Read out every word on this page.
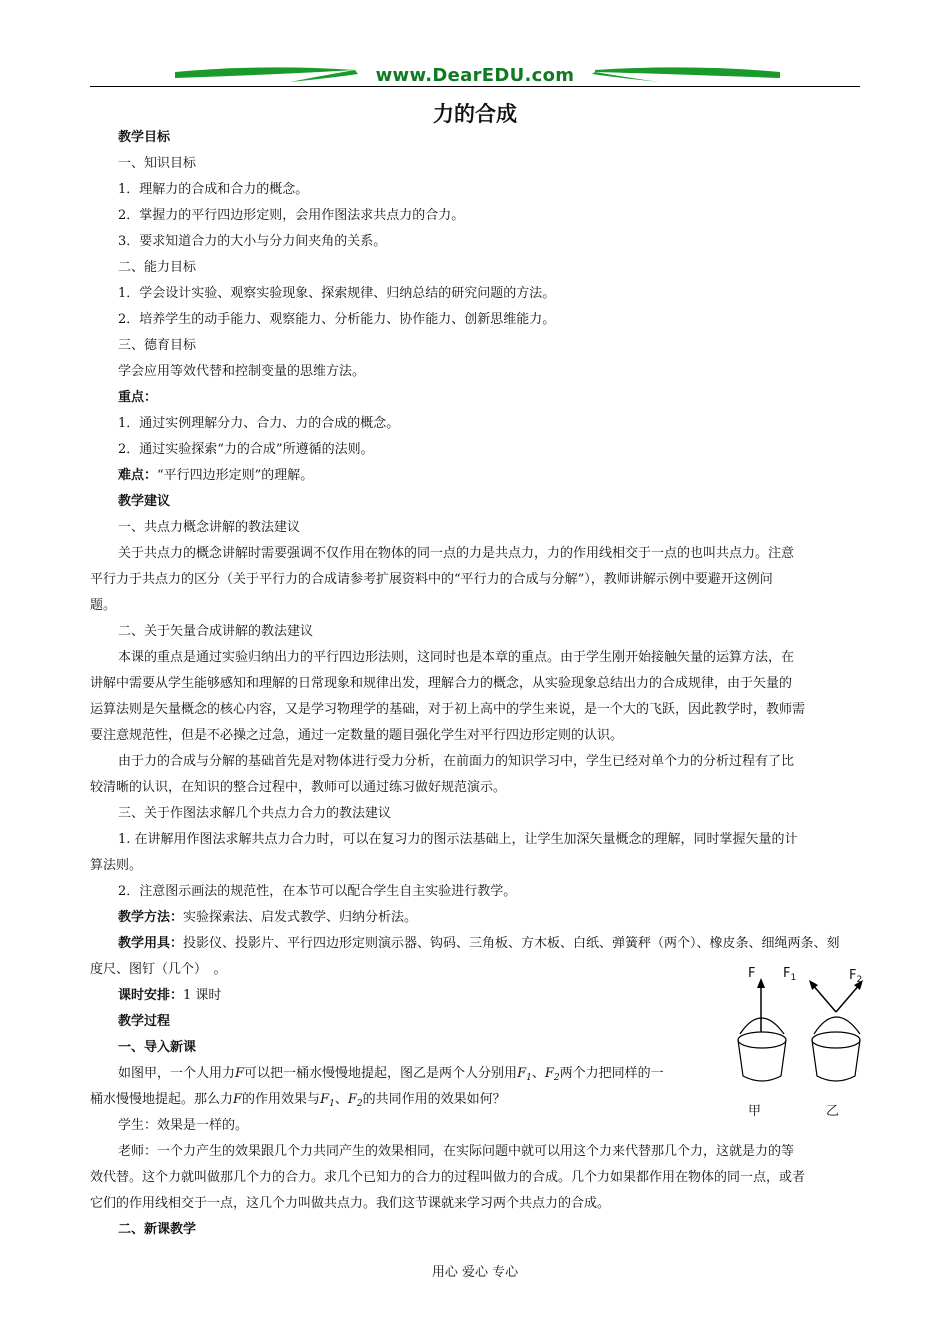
www.DearEDU.com
力的合成
教学目标
一、知识目标
1．理解力的合成和合力的概念。
2．掌握力的平行四边形定则，会用作图法求共点力的合力。
3．要求知道合力的大小与分力间夹角的关系。
二、能力目标
1．学会设计实验、观察实验现象、探索规律、归纳总结的研究问题的方法。
2．培养学生的动手能力、观察能力、分析能力、协作能力、创新思维能力。
三、德育目标
学会应用等效代替和控制变量的思维方法。
重点：
1．通过实例理解分力、合力、力的合成的概念。
2．通过实验探索“力的合成”所遵循的法则。
难点：“平行四边形定则”的理解。
教学建议
一、共点力概念讲解的教法建议
关于共点力的概念讲解时需要强调不仅作用在物体的同一点的力是共点力，力的作用线相交于一点的也叫共点力。注意
平行力于共点力的区分（关于平行力的合成请参考扩展资料中的“平行力的合成与分解”），教师讲解示例中要避开这例问
题。
二、关于矢量合成讲解的教法建议
本课的重点是通过实验归纳出力的平行四边形法则，这同时也是本章的重点。由于学生刚开始接触矢量的运算方法，在
讲解中需要从学生能够感知和理解的日常现象和规律出发，理解合力的概念，从实验现象总结出力的合成规律，由于矢量的
运算法则是矢量概念的核心内容，又是学习物理学的基础，对于初上高中的学生来说，是一个大的飞跃，因此教学时，教师需
要注意规范性，但是不必操之过急，通过一定数量的题目强化学生对平行四边形定则的认识。
由于力的合成与分解的基础首先是对物体进行受力分析，在前面力的知识学习中，学生已经对单个力的分析过程有了比
较清晰的认识，在知识的整合过程中，教师可以通过练习做好规范演示。
三、关于作图法求解几个共点力合力的教法建议
1. 在讲解用作图法求解共点力合力时，可以在复习力的图示法基础上，让学生加深矢量概念的理解，同时掌握矢量的计
算法则。
2．注意图示画法的规范性，在本节可以配合学生自主实验进行教学。
教学方法：实验探索法、启发式教学、归纳分析法。
教学用具：投影仪、投影片、平行四边形定则演示器、钩码、三角板、方木板、白纸、弹簧秤（两个）、橡皮条、细绳两条、刻
度尺、图钉（几个）　。
课时安排：1 课时
教学过程
一、导入新课
如图甲，一个人用力F可以把一桶水慢慢地提起，图乙是两个人分别用$F_1$、$F_2$两个力把同样的一
桶水慢慢地提起。那么力F的作用效果与$F_1$、$F_2$的共同作用的效果如何？
学生：效果是一样的。
老师：一个力产生的效果跟几个力共同产生的效果相同，在实际问题中就可以用这个力来代替那几个力，这就是力的等
效代替。这个力就叫做那几个力的合力。求几个已知力的合力的过程叫做力的合成。几个力如果都作用在物体的同一点，或者
它们的作用线相交于一点，这几个力叫做共点力。我们这节课就来学习两个共点力的合成。
二、新课教学
F $F_1$	$F_2$
甲	乙
用心 爱心 专心
